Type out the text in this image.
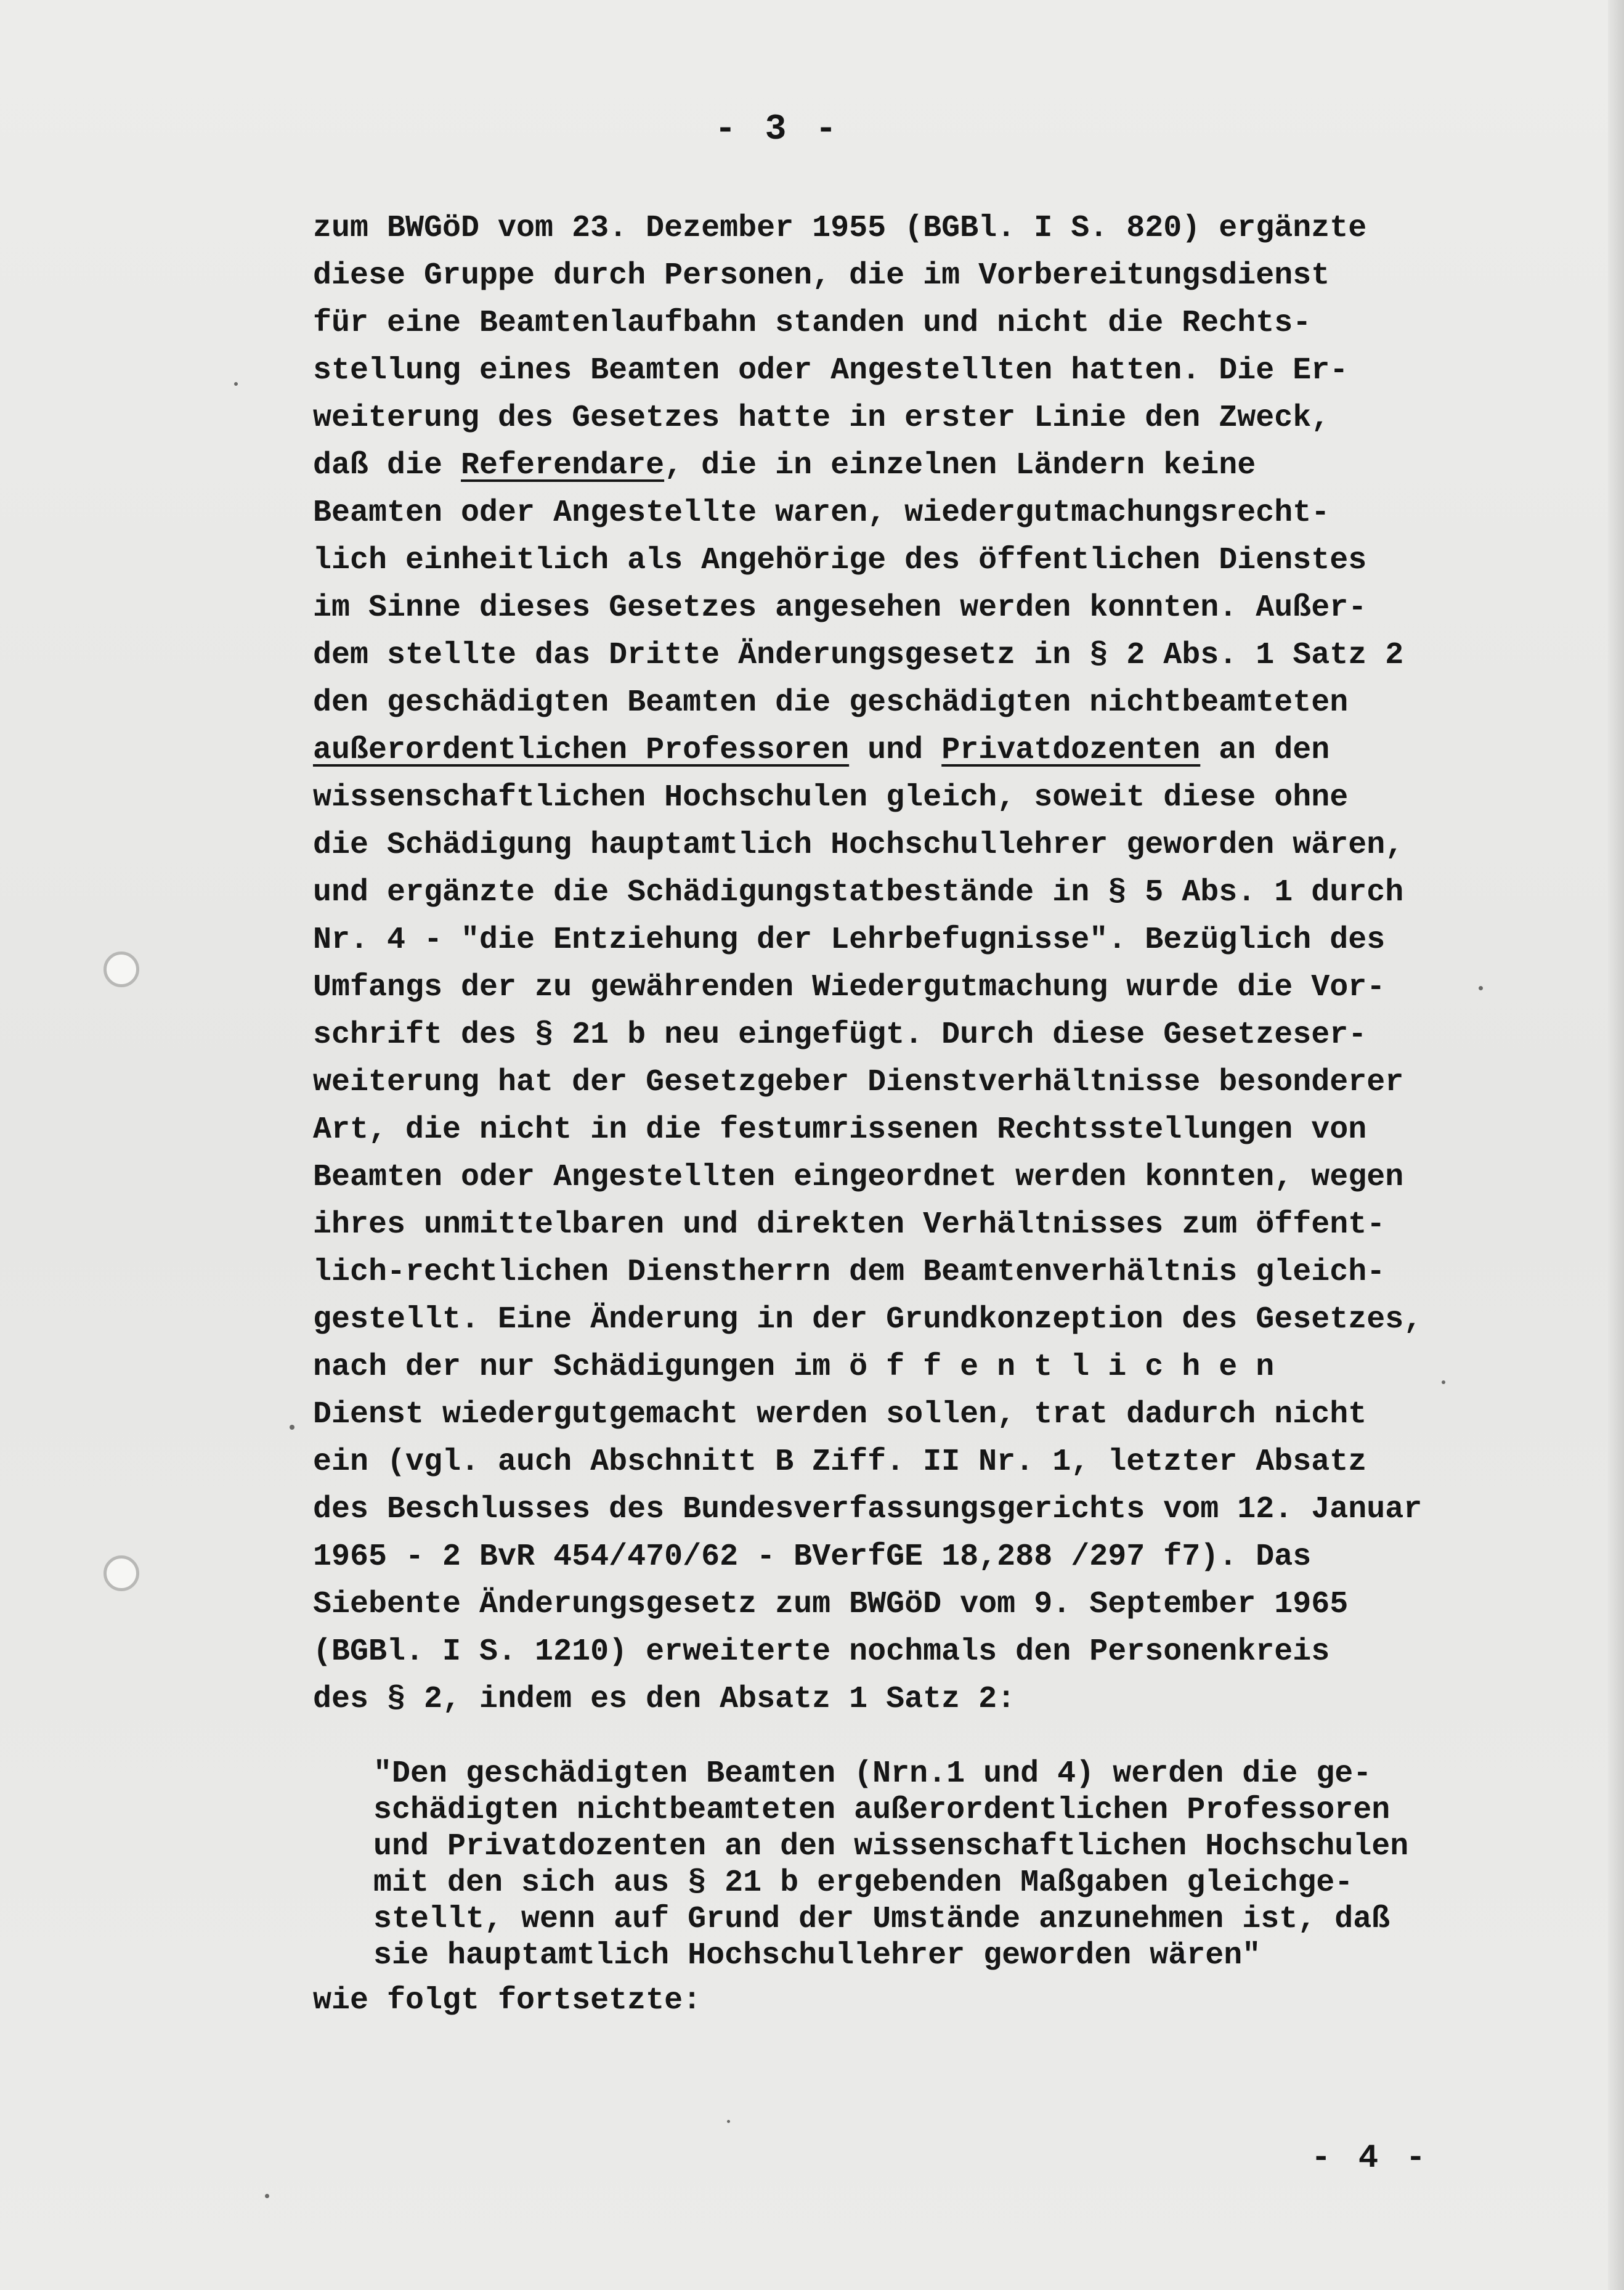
- 3 -
zum BWGöD vom 23. Dezember 1955 (BGBl. I S. 820) ergänzte
diese Gruppe durch Personen, die im Vorbereitungsdienst
für eine Beamtenlaufbahn standen und nicht die Rechts-
stellung eines Beamten oder Angestellten hatten. Die Er-
weiterung des Gesetzes hatte in erster Linie den Zweck,
daß die Referendare, die in einzelnen Ländern keine
Beamten oder Angestellte waren, wiedergutmachungsrecht-
lich einheitlich als Angehörige des öffentlichen Dienstes
im Sinne dieses Gesetzes angesehen werden konnten. Außer-
dem stellte das Dritte Änderungsgesetz in § 2 Abs. 1 Satz 2
den geschädigten Beamten die geschädigten nichtbeamteten
außerordentlichen Professoren und Privatdozenten an den
wissenschaftlichen Hochschulen gleich, soweit diese ohne
die Schädigung hauptamtlich Hochschullehrer geworden wären,
und ergänzte die Schädigungstatbestände in § 5 Abs. 1 durch
Nr. 4 - "die Entziehung der Lehrbefugnisse". Bezüglich des
Umfangs der zu gewährenden Wiedergutmachung wurde die Vor-
schrift des § 21 b neu eingefügt. Durch diese Gesetzeser-
weiterung hat der Gesetzgeber Dienstverhältnisse besonderer
Art, die nicht in die festumrissenen Rechtsstellungen von
Beamten oder Angestellten eingeordnet werden konnten, wegen
ihres unmittelbaren und direkten Verhältnisses zum öffent-
lich-rechtlichen Dienstherrn dem Beamtenverhältnis gleich-
gestellt. Eine Änderung in der Grundkonzeption des Gesetzes,
nach der nur Schädigungen im öffentlichen
Dienst wiedergutgemacht werden sollen, trat dadurch nicht
ein (vgl. auch Abschnitt B Ziff. II Nr. 1, letzter Absatz
des Beschlusses des Bundesverfassungsgerichts vom 12. Januar
1965 - 2 BvR 454/470/62 - BVerfGE 18,288 /297 f7). Das
Siebente Änderungsgesetz zum BWGöD vom 9. September 1965
(BGBl. I S. 1210) erweiterte nochmals den Personenkreis
des § 2, indem es den Absatz 1 Satz 2:
"Den geschädigten Beamten (Nrn.1 und 4) werden die ge-
schädigten nichtbeamteten außerordentlichen Professoren
und Privatdozenten an den wissenschaftlichen Hochschulen
mit den sich aus § 21 b ergebenden Maßgaben gleichge-
stellt, wenn auf Grund der Umstände anzunehmen ist, daß
sie hauptamtlich Hochschullehrer geworden wären"
wie folgt fortsetzte:
- 4 -
